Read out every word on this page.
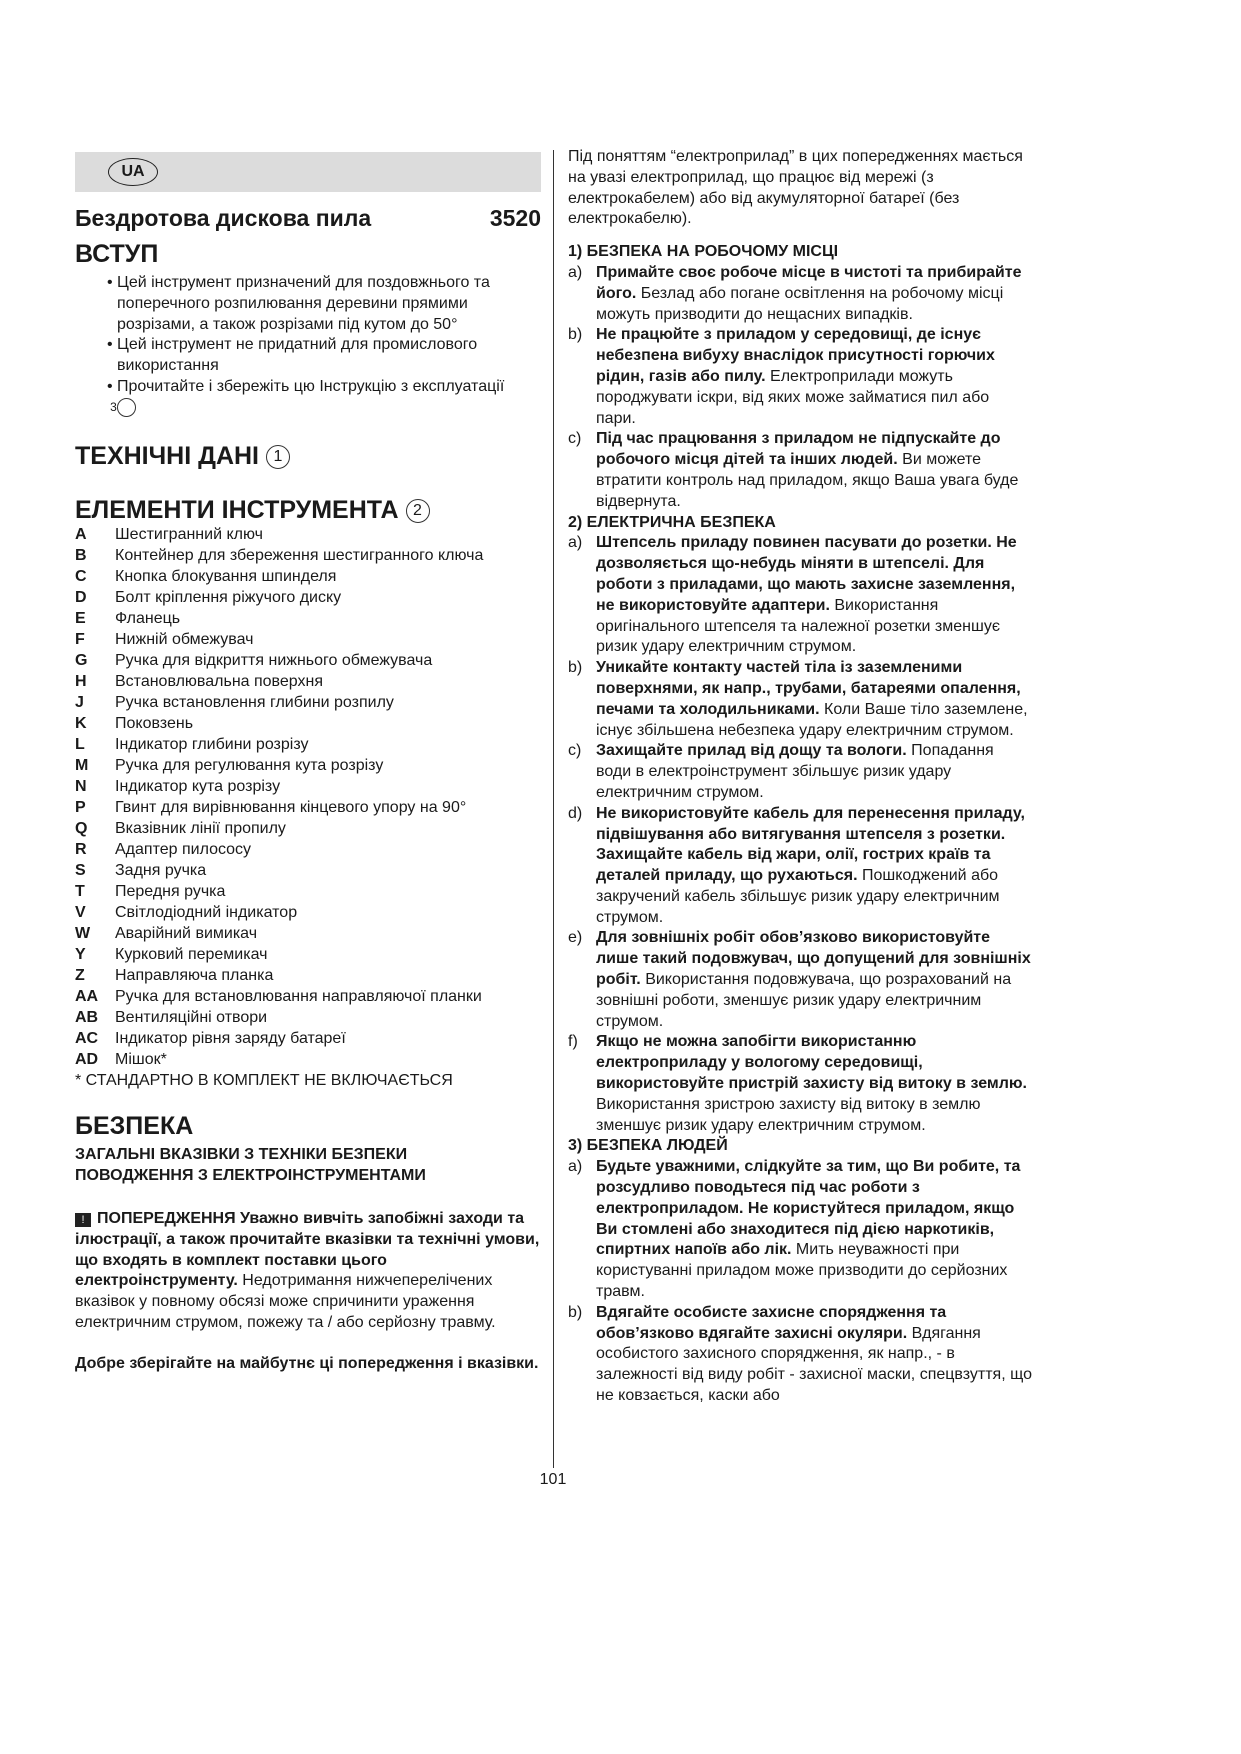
UA
Бездротова дискова пила	3520
ВСТУП
• Цей інструмент призначений для поздовжнього та поперечного розпилювання деревини прямими розрізами, а також розрізами під кутом до 50°
• Цей інструмент не придатний для промислового використання
• Прочитайте і збережіть цю Інструкцію з експлуатації
3
ТЕХНІЧНІ ДАНІ 1
ЕЛЕМЕНТИ ІНСТРУМЕНТА 2
A	Шестигранний ключ
B	Контейнер для збереження шестигранного ключа
C	Кнопка блокування шпинделя
D	Болт кріплення ріжучого диску
E	Фланець
F	Нижній обмежувач
G	Ручка для відкриття нижнього обмежувача
H	Встановлювальна поверхня
J	Ручка встановлення глибини розпилу
K	Поковзень
L	Індикатор глибини розрізу
M	Ручка для регулювання кута розрізу
N	Індикатор кута розрізу
P	Гвинт для вирівнювання кінцевого упору на 90°
Q	Вказівник лінії пропилу
R	Адаптер пилососу
S	Задня ручка
T	Передня ручка
V	Світлодіодний індикатор
W	Аварійний вимикач
Y	Курковий перемикач
Z	Направляюча планка
AA	Ручка для встановлювання направляючої планки
AB	Вентиляційні отвори
AC	Індикатор рівня заряду батареї
AD	Мішок*
* СТАНДАРТНО В КОМПЛЕКТ НЕ ВКЛЮЧАЄТЬСЯ
БЕЗПЕКА
ЗАГАЛЬНІ ВКАЗІВКИ З ТЕХНІКИ БЕЗПЕКИ ПОВОДЖЕННЯ З ЕЛЕКТРОІНСТРУМЕНТАМИ
! ПОПЕРЕДЖЕННЯ Уважно вивчіть запобіжні заходи та ілюстрації, а також прочитайте вказівки та технічні умови, що входять в комплект поставки цього електроінструменту. Недотримання нижчеперелічених вказівок у повному обсязі може спричинити ураження електричним струмом, пожежу та / або серйозну травму.
Добре зберігайте на майбутнє ці попередження і вказівки.
Під поняттям “електроприлад” в цих попередженнях мається на увазі електроприлад, що працює від мережі (з електрокабелем) або від акумуляторної батареї (без електрокабелю).
1) БЕЗПЕКА НА РОБОЧОМУ МІСЦІ
a) Примайте своє робоче місце в чистоті та прибирайте його. Безлад або погане освітлення на робочому місці можуть призводити до нещасних випадків.
b) Не працюйте з приладом у середовищі, де існує небезпена вибуху внаслідок присутності горючих рідин, газів або пилу. Електроприлади можуть породжувати іскри, від яких може займатися пил або пари.
c) Під час працювання з приладом не підпускайте до робочого місця дітей та інших людей. Ви можете втратити контроль над приладом, якщо Ваша увага буде відвернута.
2) ЕЛЕКТРИЧНА БЕЗПЕКА
a) Штепсель приладу повинен пасувати до розетки. Не дозволяється що-небудь міняти в штепселі. Для роботи з приладами, що мають захисне заземлення, не використовуйте адаптери. Використання оригінального штепселя та належної розетки зменшує ризик удару електричним струмом.
b) Уникайте контакту частей тіла із заземленими поверхнями, як напр., трубами, батареями опалення, печами та холодильниками. Коли Ваше тіло заземлене, існує збільшена небезпека удару електричним струмом.
c) Захищайте прилад від дощу та вологи. Попадання води в електроінструмент збільшує ризик удару електричним струмом.
d) Не використовуйте кабель для перенесення приладу, підвішування або витягування штепселя з розетки. Захищайте кабель від жари, олії, гострих країв та деталей приладу, що рухаються. Пошкоджений або закручений кабель збільшує ризик удару електричним струмом.
e) Для зовнішніх робіт обов’язково використовуйте лише такий подовжувач, що допущений для зовнішніх робіт. Використання подовжувача, що розрахований на зовнішні роботи, зменшує ризик удару електричним струмом.
f) Якщо не можна запобігти використанню електроприладу у вологому середовищі, використовуйте пристрій захисту від витоку в землю. Використання зристрою захисту від витоку в землю зменшує ризик удару електричним струмом.
3) БЕЗПЕКА ЛЮДЕЙ
a) Будьте уважними, слідкуйте за тим, що Ви робите, та розсудливо поводьтеся під час роботи з електроприладом. Не користуйтеся приладом, якщо Ви стомлені або знаходитеся під дією наркотиків, спиртних напоїв або лік. Мить неуважності при користуванні приладом може призводити до серйозних травм.
b) Вдягайте особисте захисне спорядження та обов’язково вдягайте захисні окуляри. Вдягання особистого захисного спорядження, як напр., - в залежності від виду робіт - захисної маски, спецвзуття, що не ковзається, каски або
101
